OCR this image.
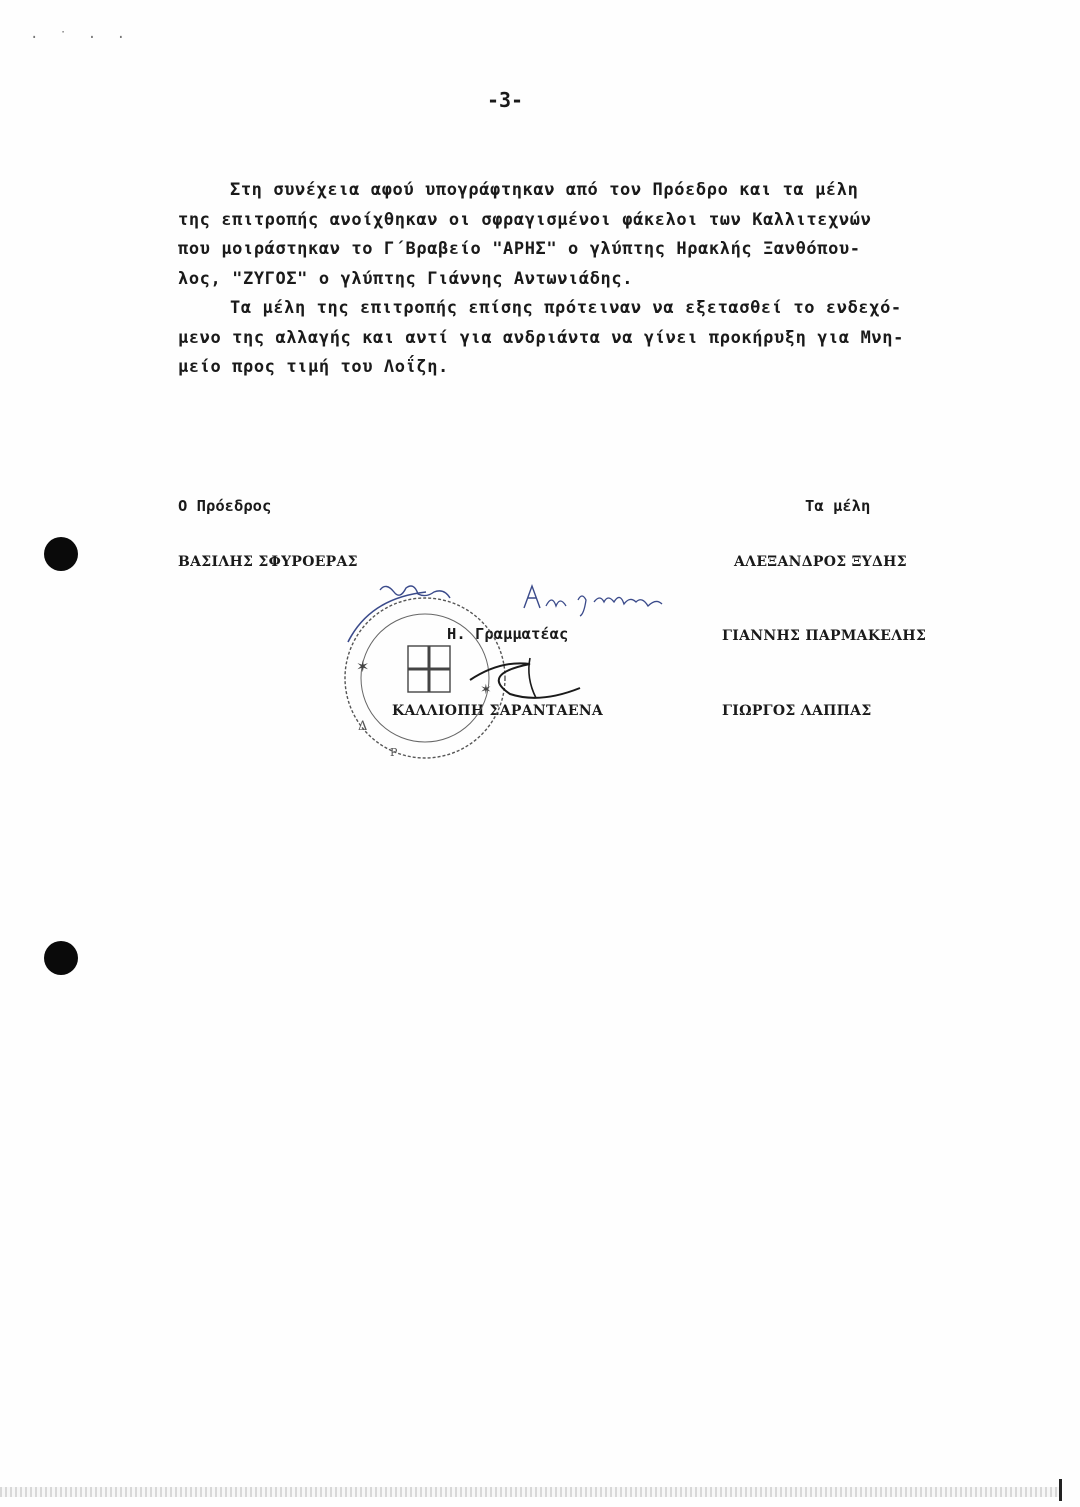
· ˙ · ·
-3-

Στη συνέχεια αφού υπογράφτηκαν από τον Πρόεδρο και τα μέλη
της επιτροπής ανοίχθηκαν οι σφραγισμένοι φάκελοι των Καλλιτεχνών
που μοιράστηκαν το Γ΄Βραβείο "ΑΡΗΣ" ο γλύπτης Ηρακλής Ξανθόπου-
λος, "ΖΥΓΟΣ" ο γλύπτης Γιάννης Αντωνιάδης.

Τα μέλη της επιτροπής επίσης πρότειναν να εξετασθεί το ενδεχό-
μενο της αλλαγής και αντί για ανδριάντα να γίνει προκήρυξη για Μνη-
μείο προς τιμή του Λοΐζη.

Ο Πρόεδρος	Τα μέλη
ΒΑΣΙΛΗΣ ΣΦΥΡΟΕΡΑΣ	ΑΛΕΞΑΝΔΡΟΣ ΞΥΔΗΣ
Η. Γραμματέας	ΓΙΑΝΝΗΣ ΠΑΡΜΑΚΕΛΗΣ
ΚΑΛΛΙΟΠΗ ΣΑΡΑΝΤΑΕΝΑ	ΓΙΩΡΓΟΣ ΛΑΠΠΑΣ
✶
✶
Δ
Ρ
